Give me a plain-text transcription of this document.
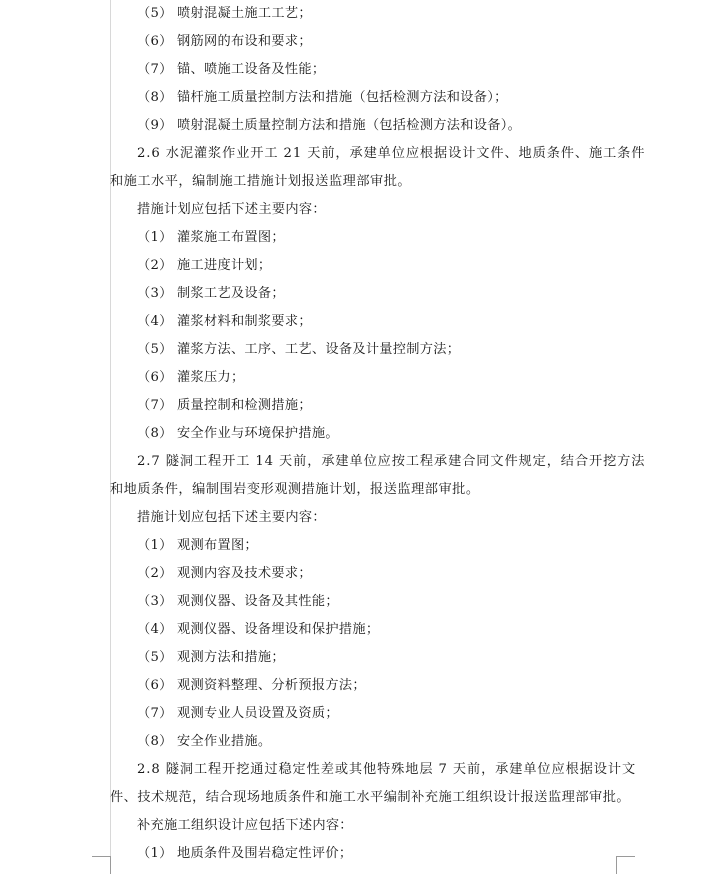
（5） 喷射混凝土施工工艺；
（6） 钢筋网的布设和要求；
（7） 锚、喷施工设备及性能；
（8） 锚杆施工质量控制方法和措施（包括检测方法和设备）；
（9） 喷射混凝土质量控制方法和措施（包括检测方法和设备）。
2.6 水泥灌浆作业开工 21 天前，承建单位应根据设计文件、地质条件、施工条件
和施工水平，编制施工措施计划报送监理部审批。
措施计划应包括下述主要内容：
（1） 灌浆施工布置图；
（2） 施工进度计划；
（3） 制浆工艺及设备；
（4） 灌浆材料和制浆要求；
（5） 灌浆方法、工序、工艺、设备及计量控制方法；
（6） 灌浆压力；
（7） 质量控制和检测措施；
（8） 安全作业与环境保护措施。
2.7 隧洞工程开工 14 天前，承建单位应按工程承建合同文件规定，结合开挖方法
和地质条件，编制围岩变形观测措施计划，报送监理部审批。
措施计划应包括下述主要内容：
（1） 观测布置图；
（2） 观测内容及技术要求；
（3） 观测仪器、设备及其性能；
（4） 观测仪器、设备埋设和保护措施；
（5） 观测方法和措施；
（6） 观测资料整理、分析预报方法；
（7） 观测专业人员设置及资质；
（8） 安全作业措施。
2.8 隧洞工程开挖通过稳定性差或其他特殊地层 7 天前，承建单位应根据设计文
件、技术规范，结合现场地质条件和施工水平编制补充施工组织设计报送监理部审批。
补充施工组织设计应包括下述内容：
（1） 地质条件及围岩稳定性评价；
